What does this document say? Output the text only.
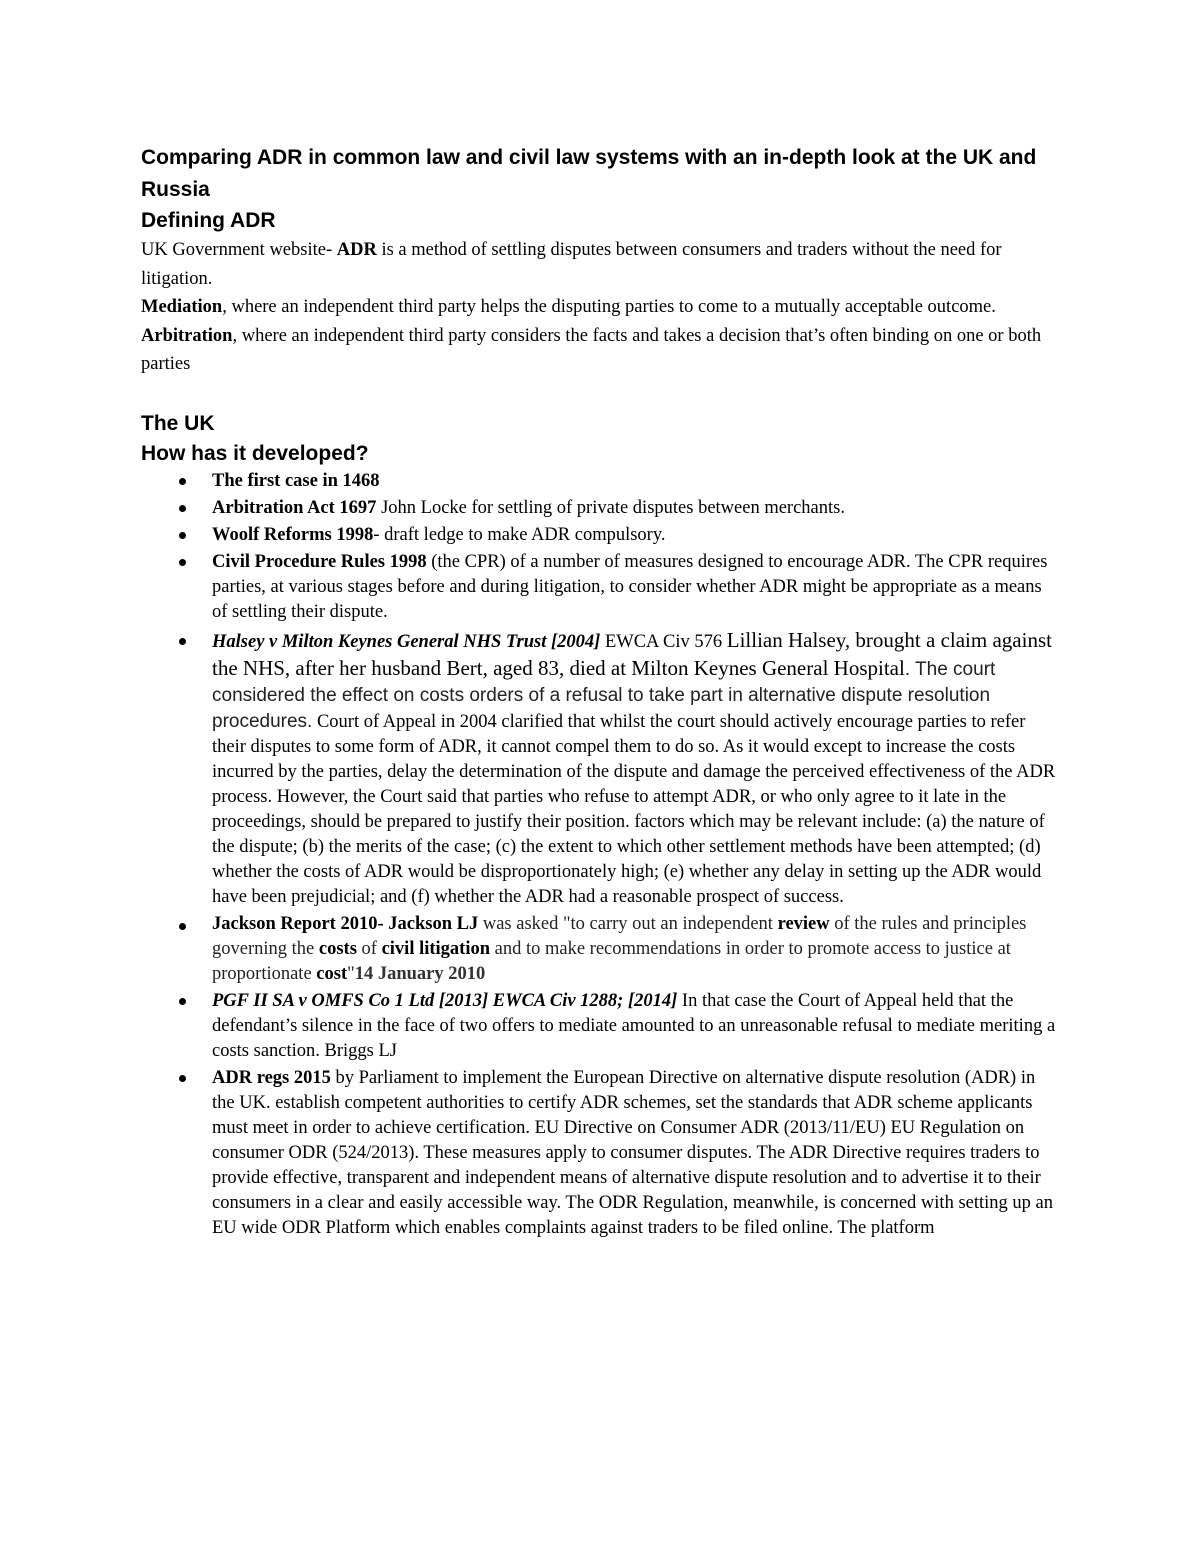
Comparing ADR in common law and civil law systems with an in-depth look at the UK and Russia
Defining ADR

UK Government website- ADR is a method of settling disputes between consumers and traders without the need for litigation.

Mediation, where an independent third party helps the disputing parties to come to a mutually acceptable outcome.

Arbitration, where an independent third party considers the facts and takes a decision that’s often binding on one or both parties

The UK
How has it developed?
The first case in 1468
Arbitration Act 1697 John Locke for settling of private disputes between merchants.
Woolf Reforms 1998- draft ledge to make ADR compulsory.
Civil Procedure Rules 1998 (the CPR) of a number of measures designed to encourage ADR. The CPR requires parties, at various stages before and during litigation, to consider whether ADR might be appropriate as a means of settling their dispute.
Halsey v Milton Keynes General NHS Trust [2004] EWCA Civ 576 Lillian Halsey, brought a claim against the NHS, after her husband Bert, aged 83, died at Milton Keynes General Hospital. The court considered the effect on costs orders of a refusal to take part in alternative dispute resolution procedures. Court of Appeal in 2004 clarified that whilst the court should actively encourage parties to refer their disputes to some form of ADR, it cannot compel them to do so. As it would except to increase the costs incurred by the parties, delay the determination of the dispute and damage the perceived effectiveness of the ADR process. However, the Court said that parties who refuse to attempt ADR, or who only agree to it late in the proceedings, should be prepared to justify their position. factors which may be relevant include: (a) the nature of the dispute; (b) the merits of the case; (c) the extent to which other settlement methods have been attempted; (d) whether the costs of ADR would be disproportionately high; (e) whether any delay in setting up the ADR would have been prejudicial; and (f) whether the ADR had a reasonable prospect of success.
Jackson Report 2010- Jackson LJ was asked "to carry out an independent review of the rules and principles governing the costs of civil litigation and to make recommendations in order to promote access to justice at proportionate cost"14 January 2010
PGF II SA v OMFS Co 1 Ltd [2013] EWCA Civ 1288; [2014] In that case the Court of Appeal held that the defendant’s silence in the face of two offers to mediate amounted to an unreasonable refusal to mediate meriting a costs sanction. Briggs LJ
ADR regs 2015 by Parliament to implement the European Directive on alternative dispute resolution (ADR) in the UK. establish competent authorities to certify ADR schemes, set the standards that ADR scheme applicants must meet in order to achieve certification. EU Directive on Consumer ADR (2013/11/EU) EU Regulation on consumer ODR (524/2013). These measures apply to consumer disputes. The ADR Directive requires traders to provide effective, transparent and independent means of alternative dispute resolution and to advertise it to their consumers in a clear and easily accessible way. The ODR Regulation, meanwhile, is concerned with setting up an EU wide ODR Platform which enables complaints against traders to be filed online. The platform
